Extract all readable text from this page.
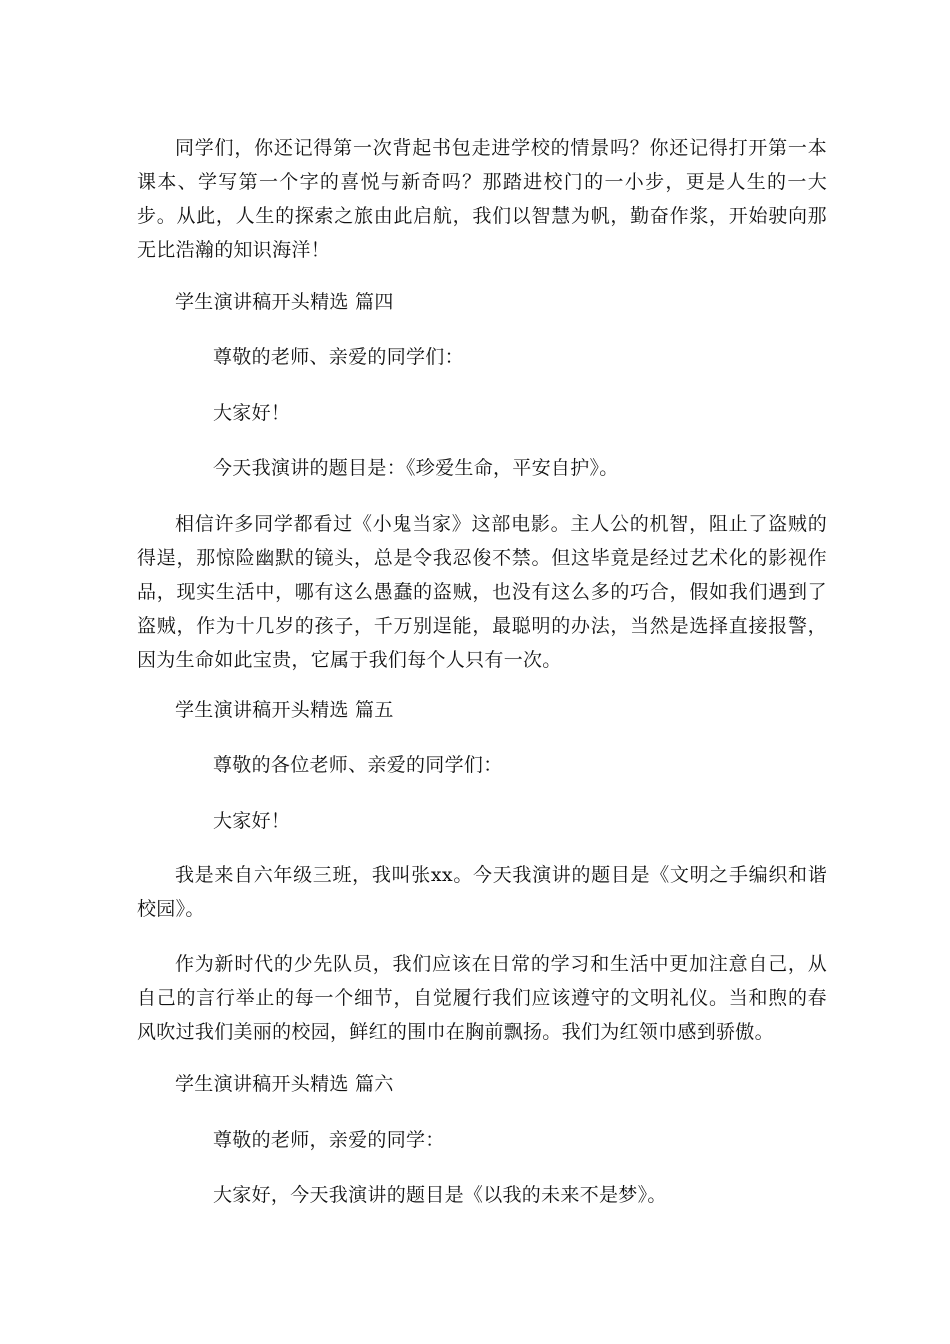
同学们，你还记得第一次背起书包走进学校的情景吗？你还记得打开第一本课本、学写第一个字的喜悦与新奇吗？那踏进校门的一小步，更是人生的一大步。从此，人生的探索之旅由此启航，我们以智慧为帆，勤奋作浆，开始驶向那无比浩瀚的知识海洋！

学生演讲稿开头精选 篇四

尊敬的老师、亲爱的同学们：

大家好！

今天我演讲的题目是：《珍爱生命，平安自护》。

相信许多同学都看过《小鬼当家》这部电影。主人公的机智，阻止了盗贼的得逞，那惊险幽默的镜头，总是令我忍俊不禁。但这毕竟是经过艺术化的影视作品，现实生活中，哪有这么愚蠢的盗贼，也没有这么多的巧合，假如我们遇到了盗贼，作为十几岁的孩子，千万别逞能，最聪明的办法，当然是选择直接报警，因为生命如此宝贵，它属于我们每个人只有一次。

学生演讲稿开头精选 篇五

尊敬的各位老师、亲爱的同学们：

大家好！

我是来自六年级三班，我叫张xx。今天我演讲的题目是《文明之手编织和谐校园》。

作为新时代的少先队员，我们应该在日常的学习和生活中更加注意自己，从自己的言行举止的每一个细节，自觉履行我们应该遵守的文明礼仪。当和煦的春风吹过我们美丽的校园，鲜红的围巾在胸前飘扬。我们为红领巾感到骄傲。

学生演讲稿开头精选 篇六

尊敬的老师，亲爱的同学：

大家好，今天我演讲的题目是《以我的未来不是梦》。
